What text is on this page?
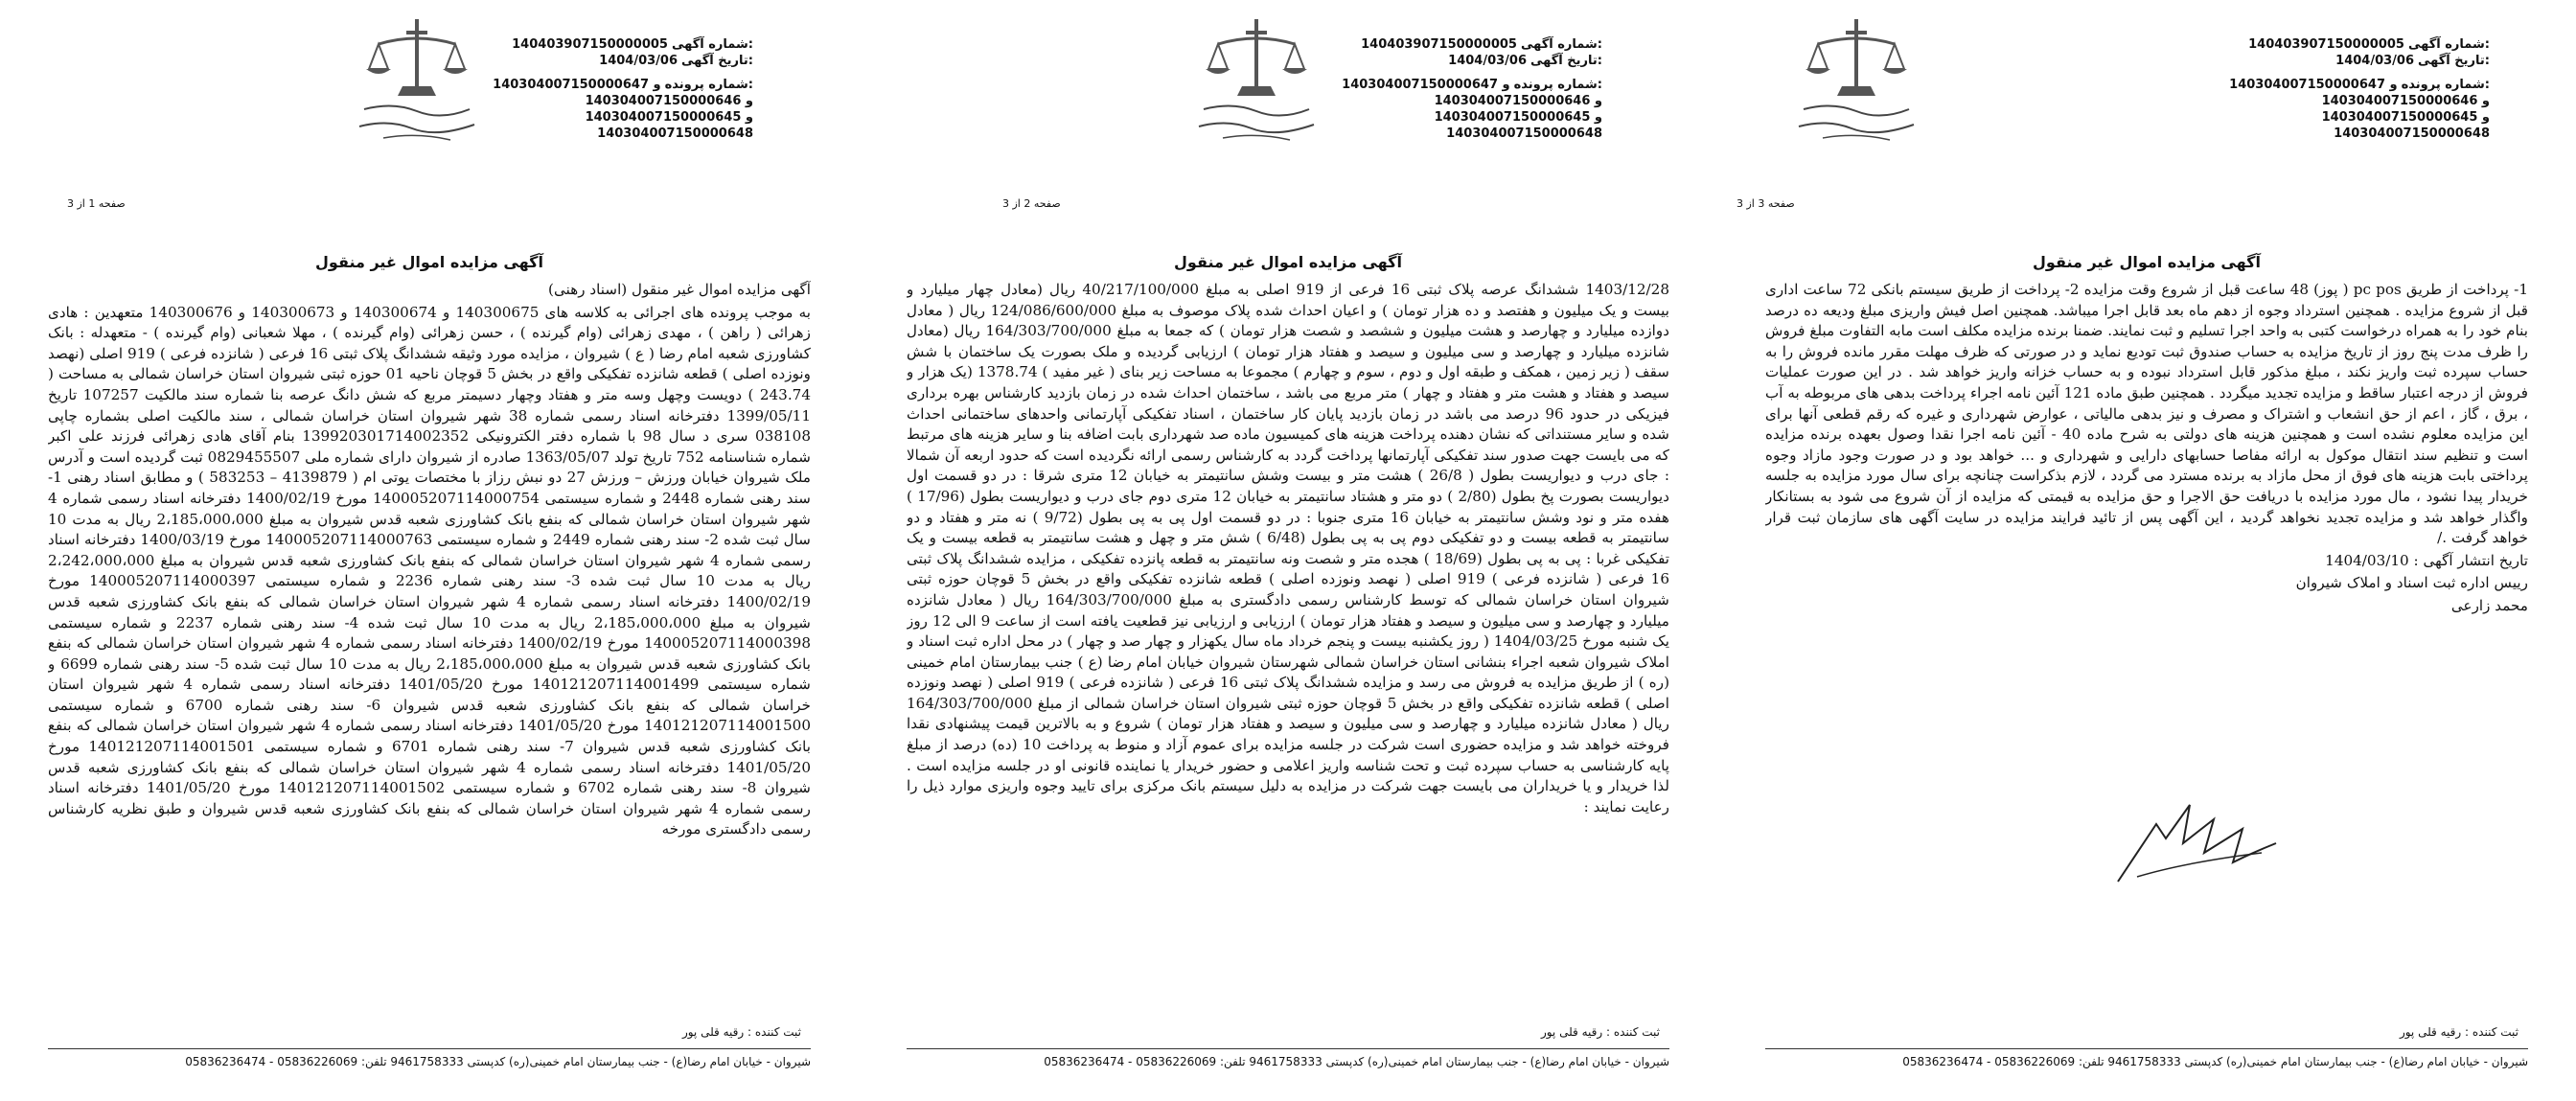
140403907150000005 شماره آگهی:
1404/03/06 تاریخ آگهی:
140304007150000647 و شماره پرونده:
140304007150000646 و
140304007150000645 و
140304007150000648
صفحه 3 از 3
آگهی مزایده اموال غیر منقول

1- پرداخت از طریق pc pos ( پوز) 48 ساعت قبل از شروع وقت مزایده 2- پرداخت از طریق سیستم بانکی 72 ساعت اداری قبل از شروع مزایده . همچنین استرداد وجوه از دهم ماه بعد قابل اجرا میباشد. همچنین اصل فیش واریزی مبلغ ودیعه ده درصد بنام خود را به همراه درخواست کتبی به واحد اجرا تسلیم و ثبت نمایند. ضمنا برنده مزایده مکلف است مابه التفاوت مبلغ فروش را ظرف مدت پنج روز از تاریخ مزایده به حساب صندوق ثبت تودیع نماید و در صورتی که ظرف مهلت مقرر مانده فروش را به حساب سپرده ثبت واریز نکند ، مبلغ مذکور قابل استرداد نبوده و به حساب خزانه واریز خواهد شد . در این صورت عملیات فروش از درجه اعتبار ساقط و مزایده تجدید میگردد . همچنین طبق ماده 121 آئین نامه اجراء پرداخت بدهی های مربوطه به آب ، برق ، گاز ، اعم از حق انشعاب و اشتراک و مصرف و نیز بدهی مالیاتی ، عوارض شهرداری و غیره که رقم قطعی آنها برای این مزایده معلوم نشده است و همچنین هزینه های دولتی به شرح ماده 40 - آئین نامه اجرا نقدا وصول بعهده برنده مزایده است و تنظیم سند انتقال موکول به ارائه مفاصا حسابهای دارایی و شهرداری و ... خواهد بود و در صورت وجود مازاد وجوه پرداختی بابت هزینه های فوق از محل مازاد به برنده مسترد می گردد ، لازم بذکراست چنانچه برای سال مورد مزایده به جلسه خریدار پیدا نشود ، مال مورد مزایده با دریافت حق الاجرا و حق مزایده به قیمتی که مزایده از آن شروع می شود به بستانکار واگذار خواهد شد و مزایده تجدید نخواهد گردید ، این آگهی پس از تائید فرایند مزایده در سایت آگهی های سازمان ثبت قرار خواهد گرفت ./

تاریخ انتشار آگهی : 1404/03/10

رییس اداره ثبت اسناد و املاک شیروان

محمد زارعی

ثبت کننده : رقیه قلی پور
شیروان - خیابان امام رضا(ع) - جنب بیمارستان امام خمینی(ره) کدپستی 9461758333 تلفن: 05836226069 - 05836236474
140403907150000005 شماره آگهی:
1404/03/06 تاریخ آگهی:
140304007150000647 و شماره پرونده:
140304007150000646 و
140304007150000645 و
140304007150000648
صفحه 2 از 3
آگهی مزایده اموال غیر منقول

1403/12/28 ششدانگ عرصه پلاک ثبتی 16 فرعی از 919 اصلی به مبلغ 40/217/100/000 ریال (معادل چهار میلیارد و بیست و یک میلیون و هفتصد و ده هزار تومان ) و اعیان احداث شده پلاک موصوف به مبلغ 124/086/600/000 ریال ( معادل دوازده میلیارد و چهارصد و هشت میلیون و ششصد و شصت هزار تومان ) که جمعا به مبلغ 164/303/700/000 ریال (معادل شانزده میلیارد و چهارصد و سی میلیون و سیصد و هفتاد هزار تومان ) ارزیابی گردیده و ملک بصورت یک ساختمان با شش سقف ( زیر زمین ، همکف و طبقه اول و دوم ، سوم و چهارم ) مجموعا به مساحت زیر بنای ( غیر مفید ) 1378.74 (یک هزار و سیصد و هفتاد و هشت متر و هفتاد و چهار ) متر مربع می باشد ، ساختمان احداث شده در زمان بازدید کارشناس بهره برداری فیزیکی در حدود 96 درصد می باشد در زمان بازدید پایان کار ساختمان ، اسناد تفکیکی آپارتمانی واحدهای ساختمانی احداث شده و سایر مستنداتی که نشان دهنده پرداخت هزینه های کمیسیون ماده صد شهرداری بابت اضافه بنا و سایر هزینه های مرتبط که می بایست جهت صدور سند تفکیکی آپارتمانها پرداخت گردد به کارشناس رسمی ارائه نگردیده است که حدود اربعه آن شمالا : جای درب و دیواریست بطول ( 26/8 ) هشت متر و بیست وشش سانتیمتر به خیابان 12 متری شرقا : در دو قسمت اول دیواریست بصورت پخ بطول (2/80 ) دو متر و هشتاد سانتیمتر به خیابان 12 متری دوم جای درب و دیواریست بطول (17/96 ) هفده متر و نود وشش سانتیمتر به خیابان 16 متری جنوبا : در دو قسمت اول پی به پی بطول (9/72 ) نه متر و هفتاد و دو سانتیمتر به قطعه بیست و دو تفکیکی دوم پی به پی بطول (6/48 ) شش متر و چهل و هشت سانتیمتر به قطعه بیست و یک تفکیکی غربا : پی به پی بطول (18/69 ) هجده متر و شصت ونه سانتیمتر به قطعه پانزده تفکیکی ، مزایده ششدانگ پلاک ثبتی 16 فرعی ( شانزده فرعی ) 919 اصلی ( نهصد ونوزده اصلی ) قطعه شانزده تفکیکی واقع در بخش 5 قوچان حوزه ثبتی شیروان استان خراسان شمالی که توسط کارشناس رسمی دادگستری به مبلغ 164/303/700/000 ریال ( معادل شانزده میلیارد و چهارصد و سی میلیون و سیصد و هفتاد هزار تومان ) ارزیابی و ارزیابی نیز قطعیت یافته است از ساعت 9 الی 12 روز یک شنبه مورخ 1404/03/25 ( روز یکشنبه بیست و پنجم خرداد ماه سال یکهزار و چهار صد و چهار ) در محل اداره ثبت اسناد و املاک شیروان شعبه اجراء بنشانی استان خراسان شمالی شهرستان شیروان خیابان امام رضا (ع ) جنب بیمارستان امام خمینی (ره ) از طریق مزایده به فروش می رسد و مزایده ششدانگ پلاک ثبتی 16 فرعی ( شانزده فرعی ) 919 اصلی ( نهصد ونوزده اصلی ) قطعه شانزده تفکیکی واقع در بخش 5 قوچان حوزه ثبتی شیروان استان خراسان شمالی از مبلغ 164/303/700/000 ریال ( معادل شانزده میلیارد و چهارصد و سی میلیون و سیصد و هفتاد هزار تومان ) شروع و به بالاترین قیمت پیشنهادی نقدا فروخته خواهد شد و مزایده حضوری است شرکت در جلسه مزایده برای عموم آزاد و منوط به پرداخت 10 (ده) درصد از مبلغ پایه کارشناسی به حساب سپرده ثبت و تحت شناسه واریز اعلامی و حضور خریدار یا نماینده قانونی او در جلسه مزایده است . لذا خریدار و یا خریداران می بایست جهت شرکت در مزایده به دلیل سیستم بانک مرکزی برای تایید وجوه واریزی موارد ذیل را رعایت نمایند :

ثبت کننده : رقیه قلی پور
شیروان - خیابان امام رضا(ع) - جنب بیمارستان امام خمینی(ره) کدپستی 9461758333 تلفن: 05836226069 - 05836236474
140403907150000005 شماره آگهی:
1404/03/06 تاریخ آگهی:
140304007150000647 و شماره پرونده:
140304007150000646 و
140304007150000645 و
140304007150000648
صفحه 1 از 3
آگهی مزایده اموال غیر منقول

آگهی مزایده اموال غیر منقول (اسناد رهنی)

به موجب پرونده های اجرائی به کلاسه های 140300675 و 140300674 و 140300673 و 140300676 متعهدین : هادی زهرائی ( راهن ) ، مهدی زهرائی (وام گیرنده ) ، حسن زهرائی (وام گیرنده ) ، مهلا شعبانی (وام گیرنده ) - متعهدله : بانک کشاورزی شعبه امام رضا ( ع ) شیروان ، مزایده مورد وثیقه ششدانگ پلاک ثبتی 16 فرعی ( شانزده فرعی ) 919 اصلی (نهصد ونوزده اصلی ) قطعه شانزده تفکیکی واقع در بخش 5 قوچان ناحیه 01 حوزه ثبتی شیروان استان خراسان شمالی به مساحت ( 243.74 ) دویست وچهل وسه متر و هفتاد وچهار دسیمتر مربع که شش دانگ عرصه بنا شماره سند مالکیت 107257 تاریخ 1399/05/11 دفترخانه اسناد رسمی شماره 38 شهر شیروان استان خراسان شمالی ، سند مالکیت اصلی بشماره چاپی 038108 سری د سال 98 با شماره دفتر الکترونیکی 139920301714002352 بنام آقای هادی زهرائی فرزند علی اکبر شماره شناسنامه 752 تاریخ تولد 1363/05/07 صادره از شیروان دارای شماره ملی 0829455507 ثبت گردیده است و آدرس ملک شیروان خیابان ورزش – ورزش 27 دو نبش رزاز با مختصات یوتی ام ( 4139879 – 583253 ) و مطابق اسناد رهنی 1- سند رهنی شماره 2448 و شماره سیستمی 140005207114000754 مورخ 1400/02/19 دفترخانه اسناد رسمی شماره 4 شهر شیروان استان خراسان شمالی که بنفع بانک کشاورزی شعبه قدس شیروان به مبلغ 2،185،000،000 ریال به مدت 10 سال ثبت شده 2- سند رهنی شماره 2449 و شماره سیستمی 140005207114000763 مورخ 1400/03/19 دفترخانه اسناد رسمی شماره 4 شهر شیروان استان خراسان شمالی که بنفع بانک کشاورزی شعبه قدس شیروان به مبلغ 2،242،000،000 ریال به مدت 10 سال ثبت شده 3- سند رهنی شماره 2236 و شماره سیستمی 140005207114000397 مورخ 1400/02/19 دفترخانه اسناد رسمی شماره 4 شهر شیروان استان خراسان شمالی که بنفع بانک کشاورزی شعبه قدس شیروان به مبلغ 2،185،000،000 ریال به مدت 10 سال ثبت شده 4- سند رهنی شماره 2237 و شماره سیستمی 140005207114000398 مورخ 1400/02/19 دفترخانه اسناد رسمی شماره 4 شهر شیروان استان خراسان شمالی که بنفع بانک کشاورزی شعبه قدس شیروان به مبلغ 2،185،000،000 ریال به مدت 10 سال ثبت شده 5- سند رهنی شماره 6699 و شماره سیستمی 140121207114001499 مورخ 1401/05/20 دفترخانه اسناد رسمی شماره 4 شهر شیروان استان خراسان شمالی که بنفع بانک کشاورزی شعبه قدس شیروان 6- سند رهنی شماره 6700 و شماره سیستمی 140121207114001500 مورخ 1401/05/20 دفترخانه اسناد رسمی شماره 4 شهر شیروان استان خراسان شمالی که بنفع بانک کشاورزی شعبه قدس شیروان 7- سند رهنی شماره 6701 و شماره سیستمی 140121207114001501 مورخ 1401/05/20 دفترخانه اسناد رسمی شماره 4 شهر شیروان استان خراسان شمالی که بنفع بانک کشاورزی شعبه قدس شیروان 8- سند رهنی شماره 6702 و شماره سیستمی 140121207114001502 مورخ 1401/05/20 دفترخانه اسناد رسمی شماره 4 شهر شیروان استان خراسان شمالی که بنفع بانک کشاورزی شعبه قدس شیروان و طبق نظریه کارشناس رسمی دادگستری مورخه

ثبت کننده : رقیه قلی پور
شیروان - خیابان امام رضا(ع) - جنب بیمارستان امام خمینی(ره) کدپستی 9461758333 تلفن: 05836226069 - 05836236474
